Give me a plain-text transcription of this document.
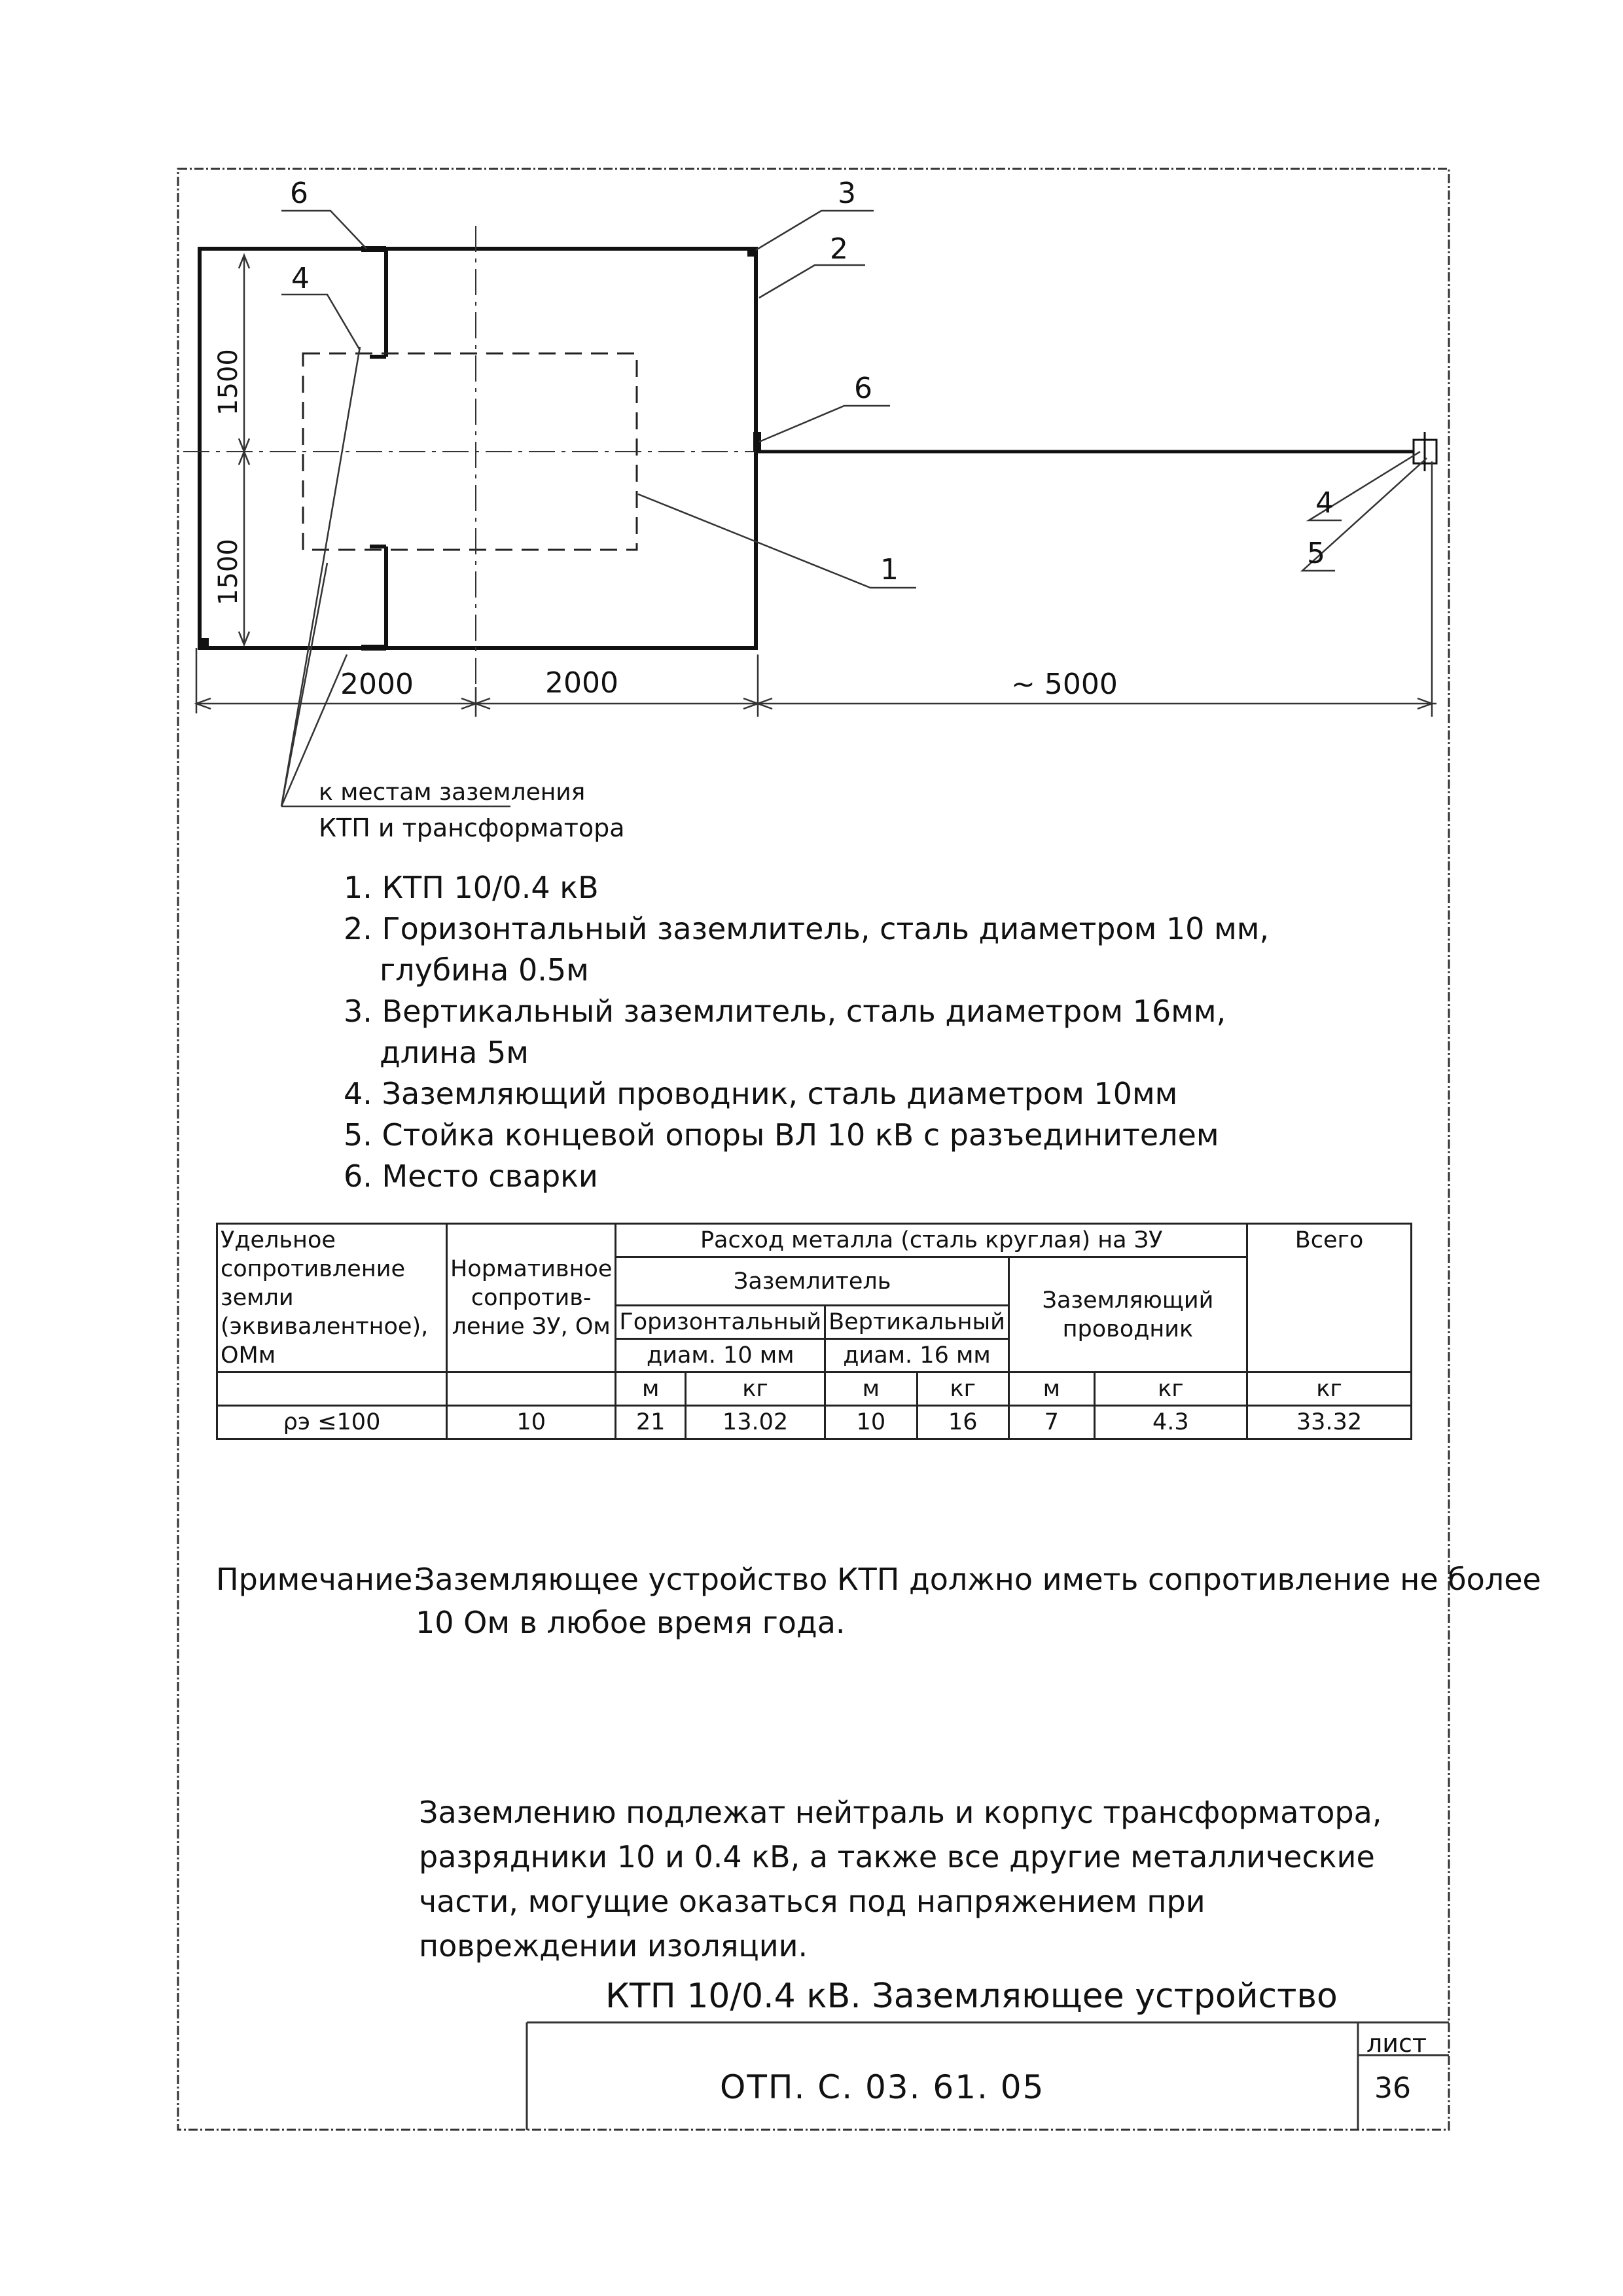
1500
1500
2000	2000	~ 5000
6	3
2
4
6
1
4
5
к местам заземления
КТП и трансформатора
1. КТП 10/0.4 кВ
2. Горизонтальный заземлитель, сталь диаметром 10 мм,
глубина 0.5м
3. Вертикальный заземлитель, сталь диаметром 16мм,
длина 5м
4. Заземляющий проводник, сталь диаметром 10мм
5. Стойка концевой опоры ВЛ 10 кВ с разъединителем
6. Место сварки
Удельное сопротивление земли (эквивалентное), ОМм	Нормативное сопротив- ление ЗУ, Ом	Расход металла (сталь круглая) на ЗУ						Всего
		Заземлитель				Заземляющий проводник		
		Горизонтальный		Вертикальный				
		диам. 10 мм		диам. 16 мм				
		м	кг	м	кг	м	кг	кг
ρэ ≤100	10	21	13.02	10	16	7	4.3	33.32
Примечание:
Заземляющее устройство КТП должно иметь сопротивление не более 10 Ом в любое время года.
Заземлению подлежат нейтраль и корпус трансформатора, разрядники 10 и 0.4 кВ, а также все другие металлические части, могущие оказаться под напряжением при повреждении изоляции.
КТП 10/0.4 кВ. Заземляющее устройство
ОТП. С. 03. 61. 05
лист
36
